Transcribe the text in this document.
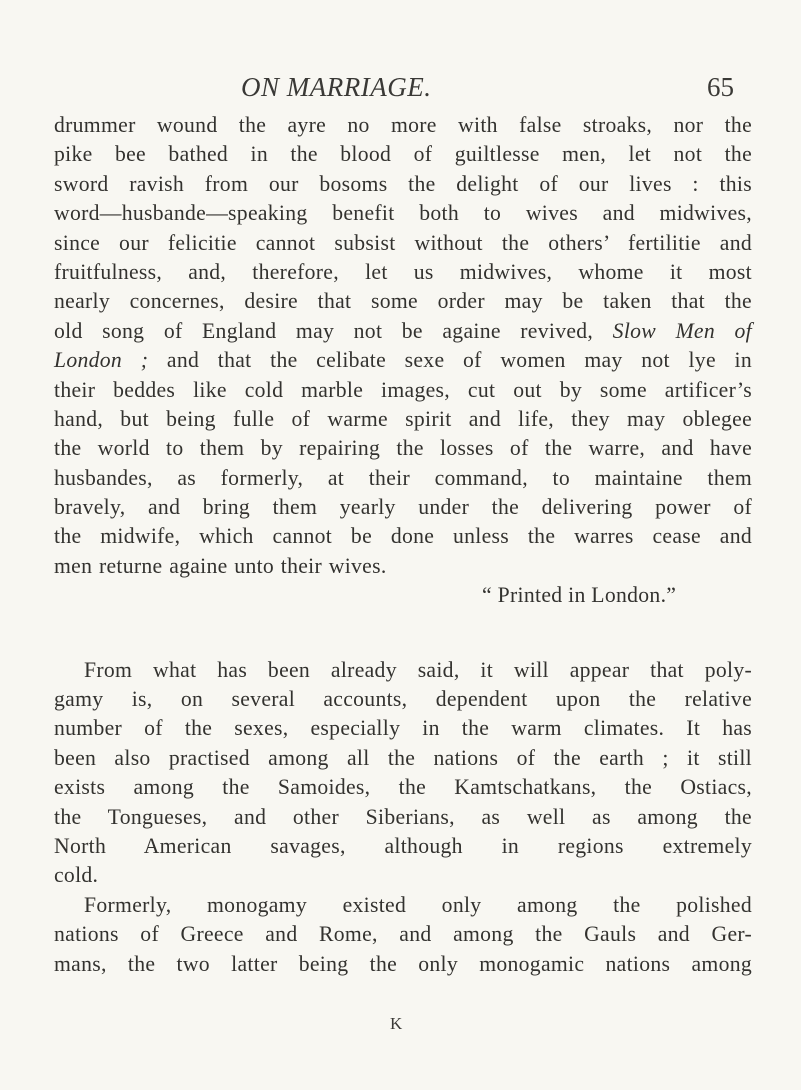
ON MARRIAGE.	65
drummer wound the ayre no more with false stroaks, nor the
pike bee bathed in the blood of guiltlesse men, let not the
sword ravish from our bosoms the delight of our lives : this
word—husbande—speaking benefit both to wives and midwives,
since our felicitie cannot subsist without the others’ fertilitie and
fruitfulness, and, therefore, let us midwives, whome it most
nearly concernes, desire that some order may be taken that the
old song of England may not be againe revived, Slow Men of
London ; and that the celibate sexe of women may not lye in
their beddes like cold marble images, cut out by some artificer’s
hand, but being fulle of warme spirit and life, they may oblegee
the world to them by repairing the losses of the warre, and have
husbandes, as formerly, at their command, to maintaine them
bravely, and bring them yearly under the delivering power of
the midwife, which cannot be done unless the warres cease and
men returne againe unto their wives.
“ Printed in London.”
From what has been already said, it will appear that poly-
gamy is, on several accounts, dependent upon the relative
number of the sexes, especially in the warm climates. It has
been also practised among all the nations of the earth ; it still
exists among the Samoides, the Kamtschatkans, the Ostiacs,
the Tongueses, and other Siberians, as well as among the
North American savages, although in regions extremely
cold.
Formerly, monogamy existed only among the polished
nations of Greece and Rome, and among the Gauls and Ger-
mans, the two latter being the only monogamic nations among
K
